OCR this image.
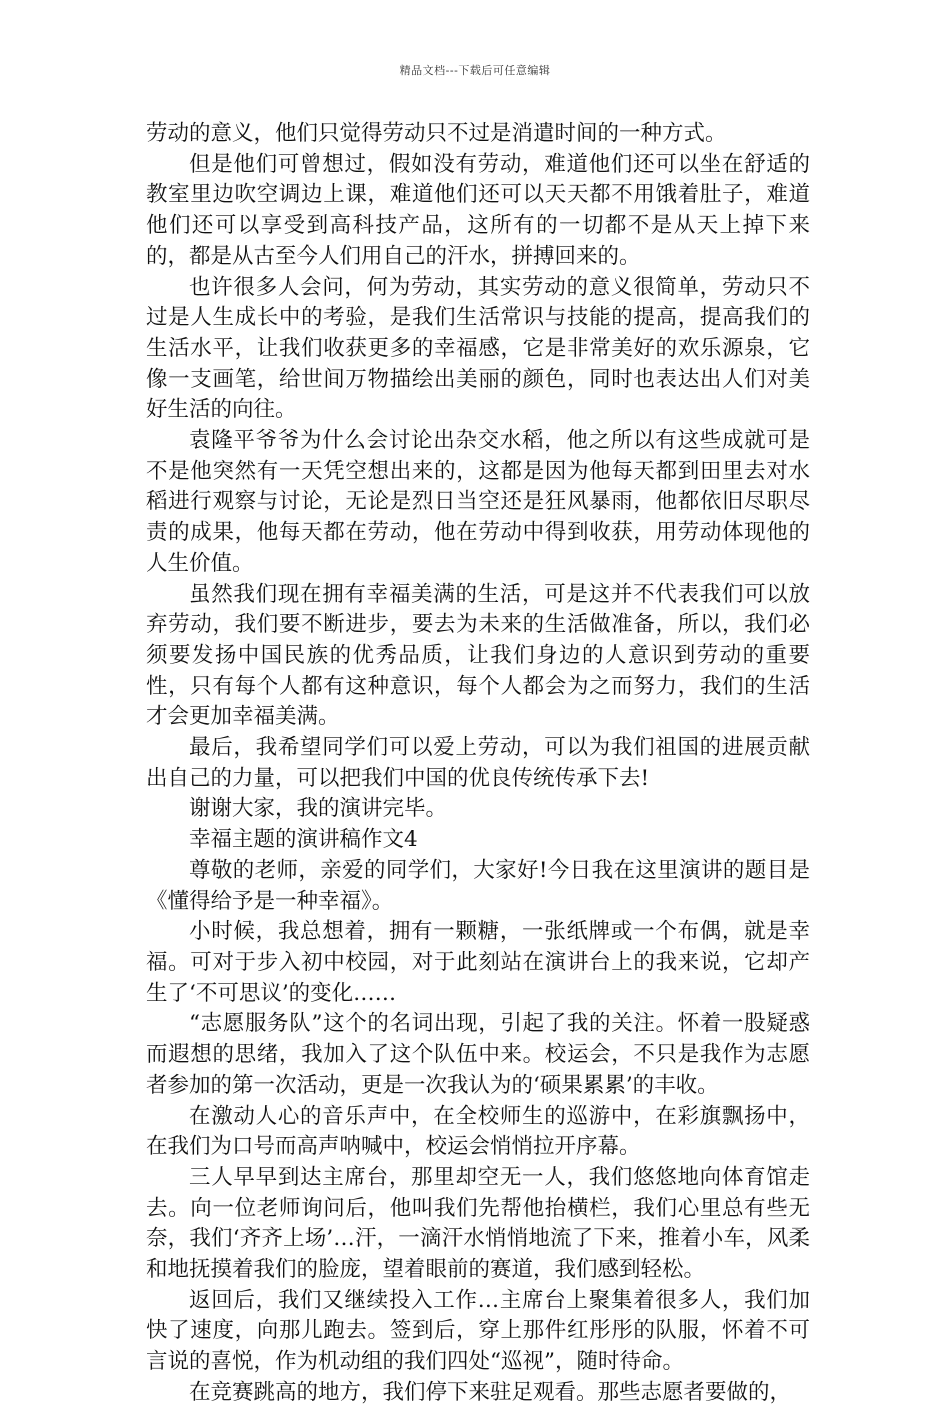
精品文档---下载后可任意编辑

劳动的意义，他们只觉得劳动只不过是消遣时间的一种方式。

但是他们可曾想过，假如没有劳动，难道他们还可以坐在舒适的教室里边吹空调边上课，难道他们还可以天天都不用饿着肚子，难道他们还可以享受到高科技产品，这所有的一切都不是从天上掉下来的，都是从古至今人们用自己的汗水，拼搏回来的。

也许很多人会问，何为劳动，其实劳动的意义很简单，劳动只不过是人生成长中的考验，是我们生活常识与技能的提高，提高我们的生活水平，让我们收获更多的幸福感，它是非常美好的欢乐源泉，它像一支画笔，给世间万物描绘出美丽的颜色，同时也表达出人们对美好生活的向往。

袁隆平爷爷为什么会讨论出杂交水稻，他之所以有这些成就可是不是他突然有一天凭空想出来的，这都是因为他每天都到田里去对水稻进行观察与讨论，无论是烈日当空还是狂风暴雨，他都依旧尽职尽责的成果，他每天都在劳动，他在劳动中得到收获，用劳动体现他的人生价值。

虽然我们现在拥有幸福美满的生活，可是这并不代表我们可以放弃劳动，我们要不断进步，要去为未来的生活做准备，所以，我们必须要发扬中国民族的优秀品质，让我们身边的人意识到劳动的重要性，只有每个人都有这种意识，每个人都会为之而努力，我们的生活才会更加幸福美满。

最后，我希望同学们可以爱上劳动，可以为我们祖国的进展贡献出自己的力量，可以把我们中国的优良传统传承下去!

谢谢大家，我的演讲完毕。

幸福主题的演讲稿作文4

尊敬的老师，亲爱的同学们，大家好!今日我在这里演讲的题目是《懂得给予是一种幸福》。

小时候，我总想着，拥有一颗糖，一张纸牌或一个布偶，就是幸福。可对于步入初中校园，对于此刻站在演讲台上的我来说，它却产生了‘不可思议’的变化……

“志愿服务队”这个的名词出现，引起了我的关注。怀着一股疑惑而遐想的思绪，我加入了这个队伍中来。校运会，不只是我作为志愿者参加的第一次活动，更是一次我认为的‘硕果累累’的丰收。

在激动人心的音乐声中，在全校师生的巡游中，在彩旗飘扬中，在我们为口号而高声呐喊中，校运会悄悄拉开序幕。

三人早早到达主席台，那里却空无一人，我们悠悠地向体育馆走去。向一位老师询问后，他叫我们先帮他抬横栏，我们心里总有些无奈，我们‘齐齐上场’…汗，一滴汗水悄悄地流了下来，推着小车，风柔和地抚摸着我们的脸庞，望着眼前的赛道，我们感到轻松。

返回后，我们又继续投入工作…主席台上聚集着很多人，我们加快了速度，向那儿跑去。签到后，穿上那件红彤彤的队服，怀着不可言说的喜悦，作为机动组的我们四处“巡视”，随时待命。

在竞赛跳高的地方，我们停下来驻足观看。那些志愿者要做的，
